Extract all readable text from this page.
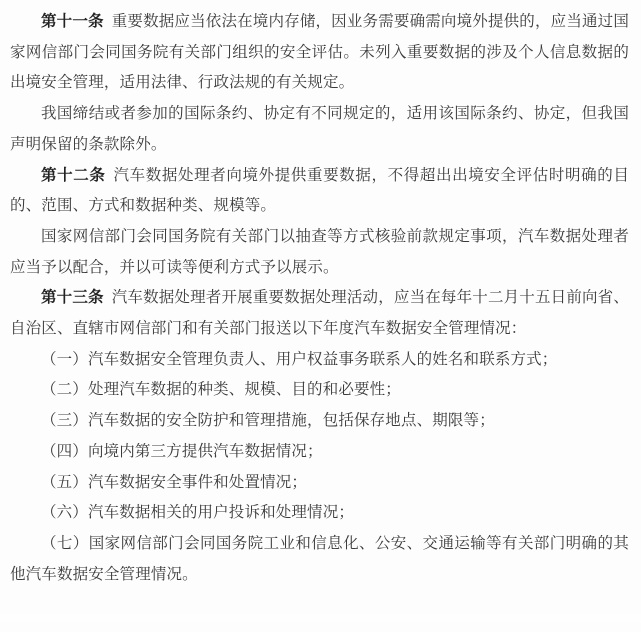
第十一条 重要数据应当依法在境内存储，因业务需要确需向境外提供的，应当通过国家网信部门会同国务院有关部门组织的安全评估。未列入重要数据的涉及个人信息数据的出境安全管理，适用法律、行政法规的有关规定。

我国缔结或者参加的国际条约、协定有不同规定的，适用该国际条约、协定，但我国声明保留的条款除外。

第十二条 汽车数据处理者向境外提供重要数据，不得超出出境安全评估时明确的目的、范围、方式和数据种类、规模等。

国家网信部门会同国务院有关部门以抽查等方式核验前款规定事项，汽车数据处理者应当予以配合，并以可读等便利方式予以展示。

第十三条 汽车数据处理者开展重要数据处理活动，应当在每年十二月十五日前向省、自治区、直辖市网信部门和有关部门报送以下年度汽车数据安全管理情况：

（一）汽车数据安全管理负责人、用户权益事务联系人的姓名和联系方式；

（二）处理汽车数据的种类、规模、目的和必要性；

（三）汽车数据的安全防护和管理措施，包括保存地点、期限等；

（四）向境内第三方提供汽车数据情况；

（五）汽车数据安全事件和处置情况；

（六）汽车数据相关的用户投诉和处理情况；

（七）国家网信部门会同国务院工业和信息化、公安、交通运输等有关部门明确的其他汽车数据安全管理情况。
